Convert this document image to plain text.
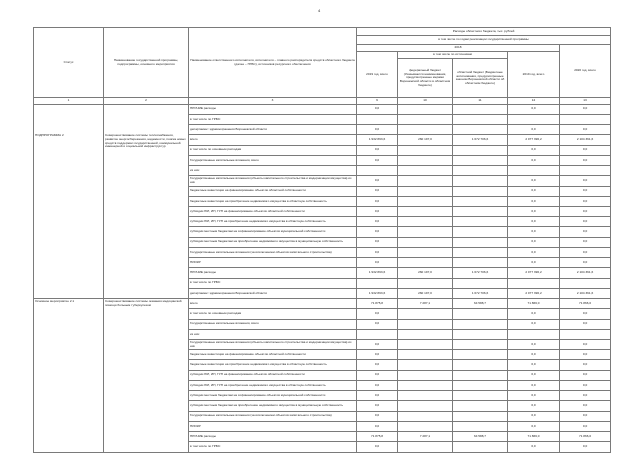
4
Статус	Наименование государственной программы, подпрограммы, основного мероприятия	Наименование ответственного исполнителя, исполнителя – главного распорядителя средств областного бюджета (далее – ГРБС), источников ресурсного обеспечения	Расходы областного бюджета, тыс. рублей				
			в том числе по годам реализации государственной программы				
			2018				2020 год, всего
			2019 год, всего	в том числе по источникам		2019 год, всего	
				федеральный бюджет (Указываются наименования, предусмотренные мерами Воронежской области в областном бюджете)	областной бюджет (Бюджетные ассигнования, предусмотренные законом Воронежской области об областном бюджете)		
1	2	3	9	10	11	12	13

ПОДПРОГРАММА 2	Совершенствование системы теплоснабжения, развитие энергосбережения, надежности, поиска новых средств поддержки государственной, коммунальной инженерной и социальной инфраструктур	ПРОЧИЕ расходы	0,0			0,0	0,0
		в том числе по ГРБС:					
		департамент здравоохранения Воронежской области	0,0			0,0	0,0
		всего	1 932 893,6	260 197,0	1 672 706,6	2 077 396,2	2 104 361,6
		в том числе по основным расходам	0,0			0,0	0,0
		Государственные капитальные вложения, всего	0,0			0,0	0,0
		из них:					
		Государственные капитальные вложения (объекты капитального строительства и модернизации имущества) из них	0,0			0,0	0,0
		бюджетные инвестиции на финансирование объектов областной собственности	0,0			0,0	0,0
		бюджетные инвестиции на приобретение недвижимого имущества в областную собственность	0,0			0,0	0,0
		субсидии ЮЛ, ИП, ГУП на финансирование объектов областной собственности	0,0			0,0	0,0
		субсидии ЮЛ, ИП, ГУП на приобретение недвижимого имущества в областную собственность	0,0			0,0	0,0
		субсидии местным бюджетам на софинансирование объектов муниципальной собственности	0,0			0,0	0,0
		субсидии местным бюджетам на приобретение недвижимого имущества в муниципальную собственность	0,0			0,0	0,0
		Государственные капитальные вложения (за исключением объектов капитального строительства)	0,0			0,0	0,0
		НИОКР	0,0			0,0	0,0
		ПРОЧИЕ расходы	1 932 893,6	260 197,0	1 672 706,6	2 077 396,2	2 104 361,6
		в том числе по ГРБС:					
		департамент здравоохранения Воронежской области	1 932 893,6	260 197,0	1 672 706,6	2 077 396,2	2 104 361,6
Основное мероприятие 2.1	Совершенствование системы оказания медицинской помощи больным туберкулезом	всего	71 875,8	7 287,1	64 588,7	71 866,0	71 866,0
		в том числе по основным расходам	0,0			0,0	0,0
		Государственные капитальные вложения, всего	0,0			0,0	0,0
		из них:					
		Государственные капитальные вложения (объекты капитального строительства и модернизации имущества) из них	0,0			0,0	0,0
		бюджетные инвестиции на финансирование объектов областной собственности	0,0			0,0	0,0
		бюджетные инвестиции на приобретение недвижимого имущества в областную собственность	0,0			0,0	0,0
		субсидии ЮЛ, ИП, ГУП на финансирование объектов областной собственности	0,0			0,0	0,0
		субсидии ЮЛ, ИП, ГУП на приобретение недвижимого имущества в областную собственность	0,0			0,0	0,0
		субсидии местным бюджетам на софинансирование объектов муниципальной собственности	0,0			0,0	0,0
		субсидии местным бюджетам на приобретение недвижимого имущества в муниципальную собственность	0,0			0,0	0,0
		Государственные капитальные вложения (за исключением объектов капитального строительства)	0,0			0,0	0,0
		НИОКР	0,0			0,0	0,0
		ПРОЧИЕ расходы	71 875,8	7 287,1	64 588,7	71 866,0	71 866,0
		в том числе по ГРБС:	0,0			0,0	0,0
